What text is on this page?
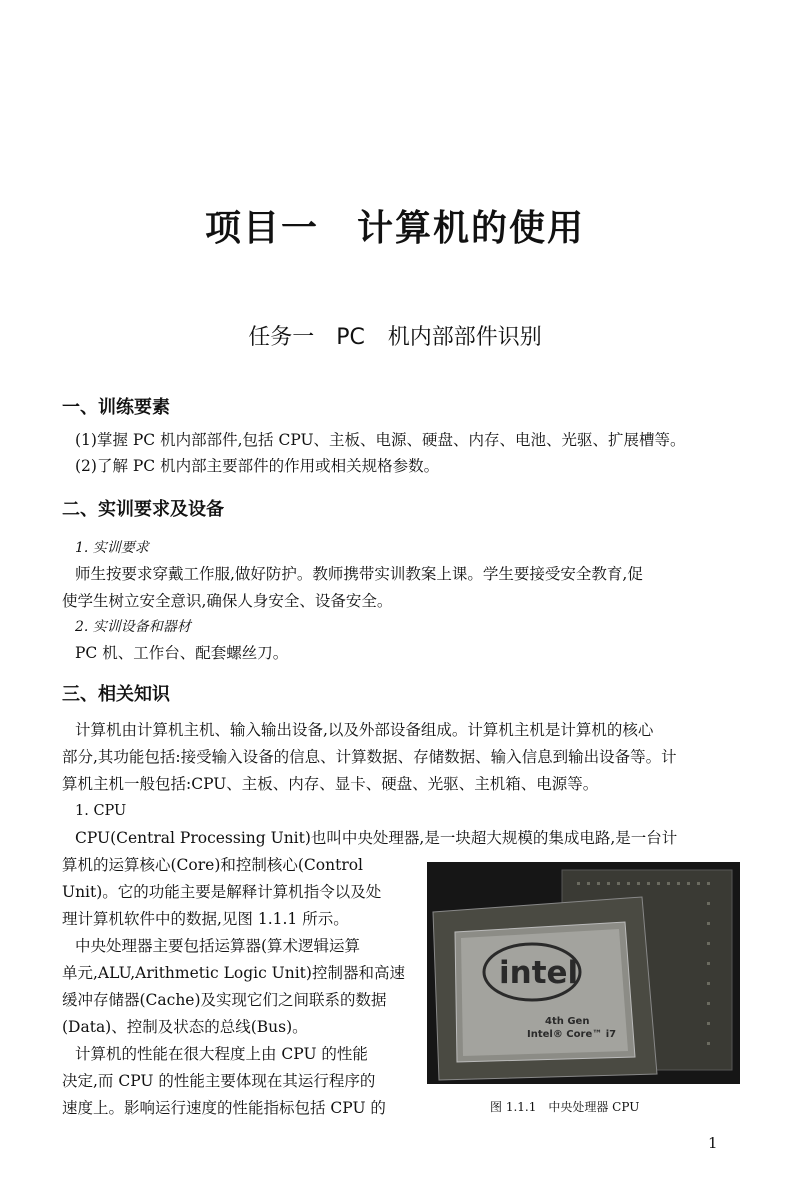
项目一　计算机的使用
任务一　PC 机内部部件识别
一、训练要素
(1)掌握 PC 机内部部件,包括 CPU、主板、电源、硬盘、内存、电池、光驱、扩展槽等。
(2)了解 PC 机内部主要部件的作用或相关规格参数。
二、实训要求及设备
1. 实训要求
师生按要求穿戴工作服,做好防护。教师携带实训教案上课。学生要接受安全教育,促
使学生树立安全意识,确保人身安全、设备安全。
2. 实训设备和器材
PC 机、工作台、配套螺丝刀。
三、相关知识
计算机由计算机主机、输入输出设备,以及外部设备组成。计算机主机是计算机的核心
部分,其功能包括:接受输入设备的信息、计算数据、存储数据、输入信息到输出设备等。计
算机主机一般包括:CPU、主板、内存、显卡、硬盘、光驱、主机箱、电源等。
1. CPU
CPU(Central Processing Unit)也叫中央处理器,是一块超大规模的集成电路,是一台计
算机的运算核心(Core)和控制核心(Control
Unit)。它的功能主要是解释计算机指令以及处
理计算机软件中的数据,见图 1.1.1 所示。
中央处理器主要包括运算器(算术逻辑运算
单元,ALU,Arithmetic Logic Unit)控制器和高速
缓冲存储器(Cache)及实现它们之间联系的数据
(Data)、控制及状态的总线(Bus)。
计算机的性能在很大程度上由 CPU 的性能
决定,而 CPU 的性能主要体现在其运行程序的
速度上。影响运行速度的性能指标包括 CPU 的
intel
4th Gen
Intel® Core™ i7
图 1.1.1　中央处理器 CPU
1
